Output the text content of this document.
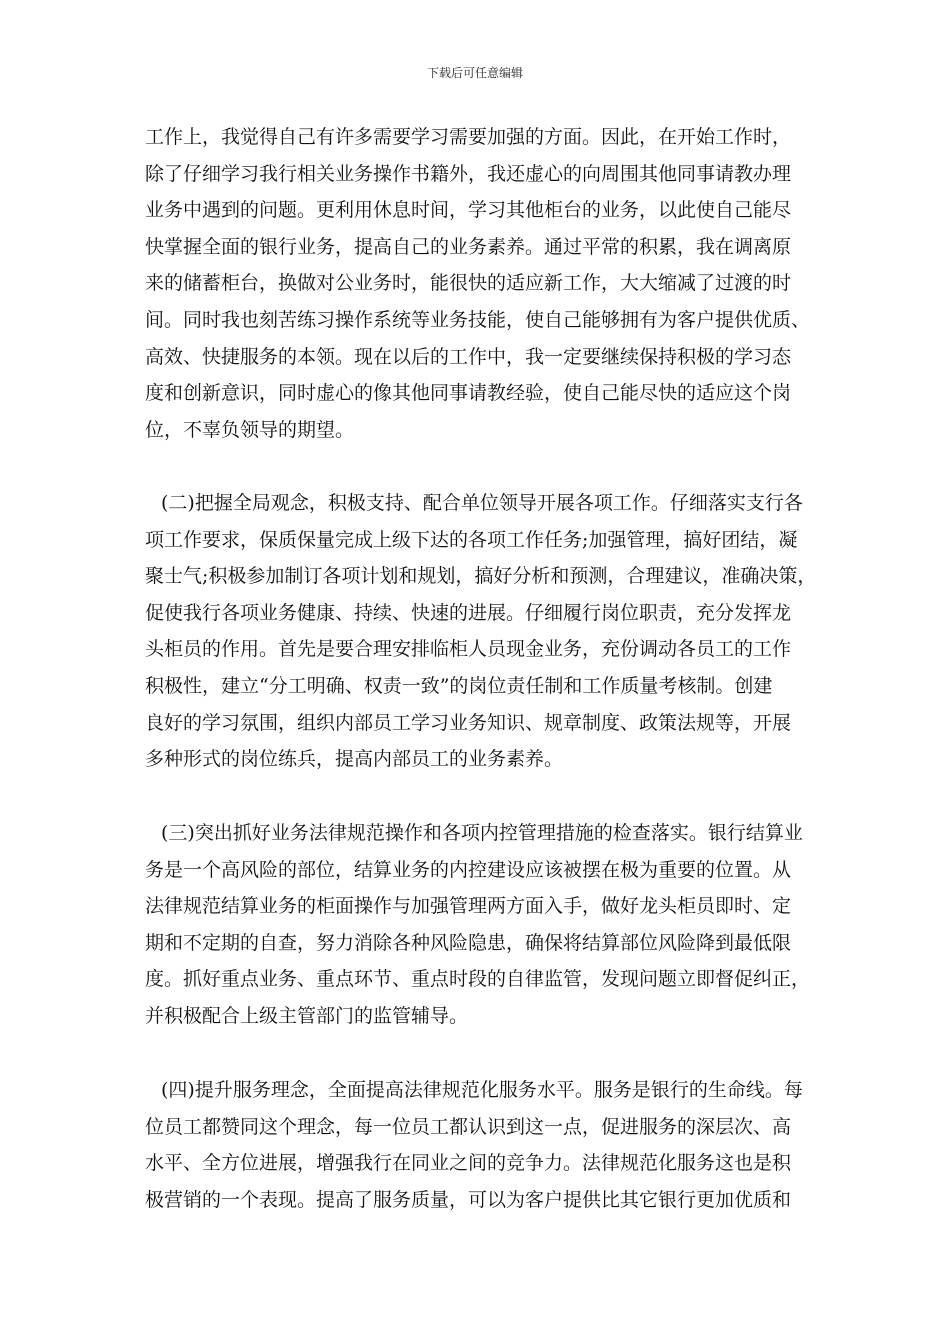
下载后可任意编辑
工作上，我觉得自己有许多需要学习需要加强的方面。因此，在开始工作时，
除了仔细学习我行相关业务操作书籍外，我还虚心的向周围其他同事请教办理
业务中遇到的问题。更利用休息时间，学习其他柜台的业务，以此使自己能尽
快掌握全面的银行业务，提高自己的业务素养。通过平常的积累，我在调离原
来的储蓄柜台，换做对公业务时，能很快的适应新工作，大大缩减了过渡的时
间。同时我也刻苦练习操作系统等业务技能，使自己能够拥有为客户提供优质、
高效、快捷服务的本领。现在以后的工作中，我一定要继续保持积极的学习态
度和创新意识，同时虚心的像其他同事请教经验，使自己能尽快的适应这个岗
位，不辜负领导的期望。
(二)把握全局观念，积极支持、配合单位领导开展各项工作。仔细落实支行各
项工作要求，保质保量完成上级下达的各项工作任务;加强管理，搞好团结，凝
聚士气;积极参加制订各项计划和规划，搞好分析和预测，合理建议，准确决策，
促使我行各项业务健康、持续、快速的进展。仔细履行岗位职责，充分发挥龙
头柜员的作用。首先是要合理安排临柜人员现金业务，充份调动各员工的工作
积极性，建立“分工明确、权责一致”的岗位责任制和工作质量考核制。创建
良好的学习氛围，组织内部员工学习业务知识、规章制度、政策法规等，开展
多种形式的岗位练兵，提高内部员工的业务素养。
(三)突出抓好业务法律规范操作和各项内控管理措施的检查落实。银行结算业
务是一个高风险的部位，结算业务的内控建设应该被摆在极为重要的位置。从
法律规范结算业务的柜面操作与加强管理两方面入手，做好龙头柜员即时、定
期和不定期的自查，努力消除各种风险隐患，确保将结算部位风险降到最低限
度。抓好重点业务、重点环节、重点时段的自律监管，发现问题立即督促纠正，
并积极配合上级主管部门的监管辅导。
(四)提升服务理念，全面提高法律规范化服务水平。服务是银行的生命线。每
位员工都赞同这个理念，每一位员工都认识到这一点，促进服务的深层次、高
水平、全方位进展，增强我行在同业之间的竞争力。法律规范化服务这也是积
极营销的一个表现。提高了服务质量，可以为客户提供比其它银行更加优质和
